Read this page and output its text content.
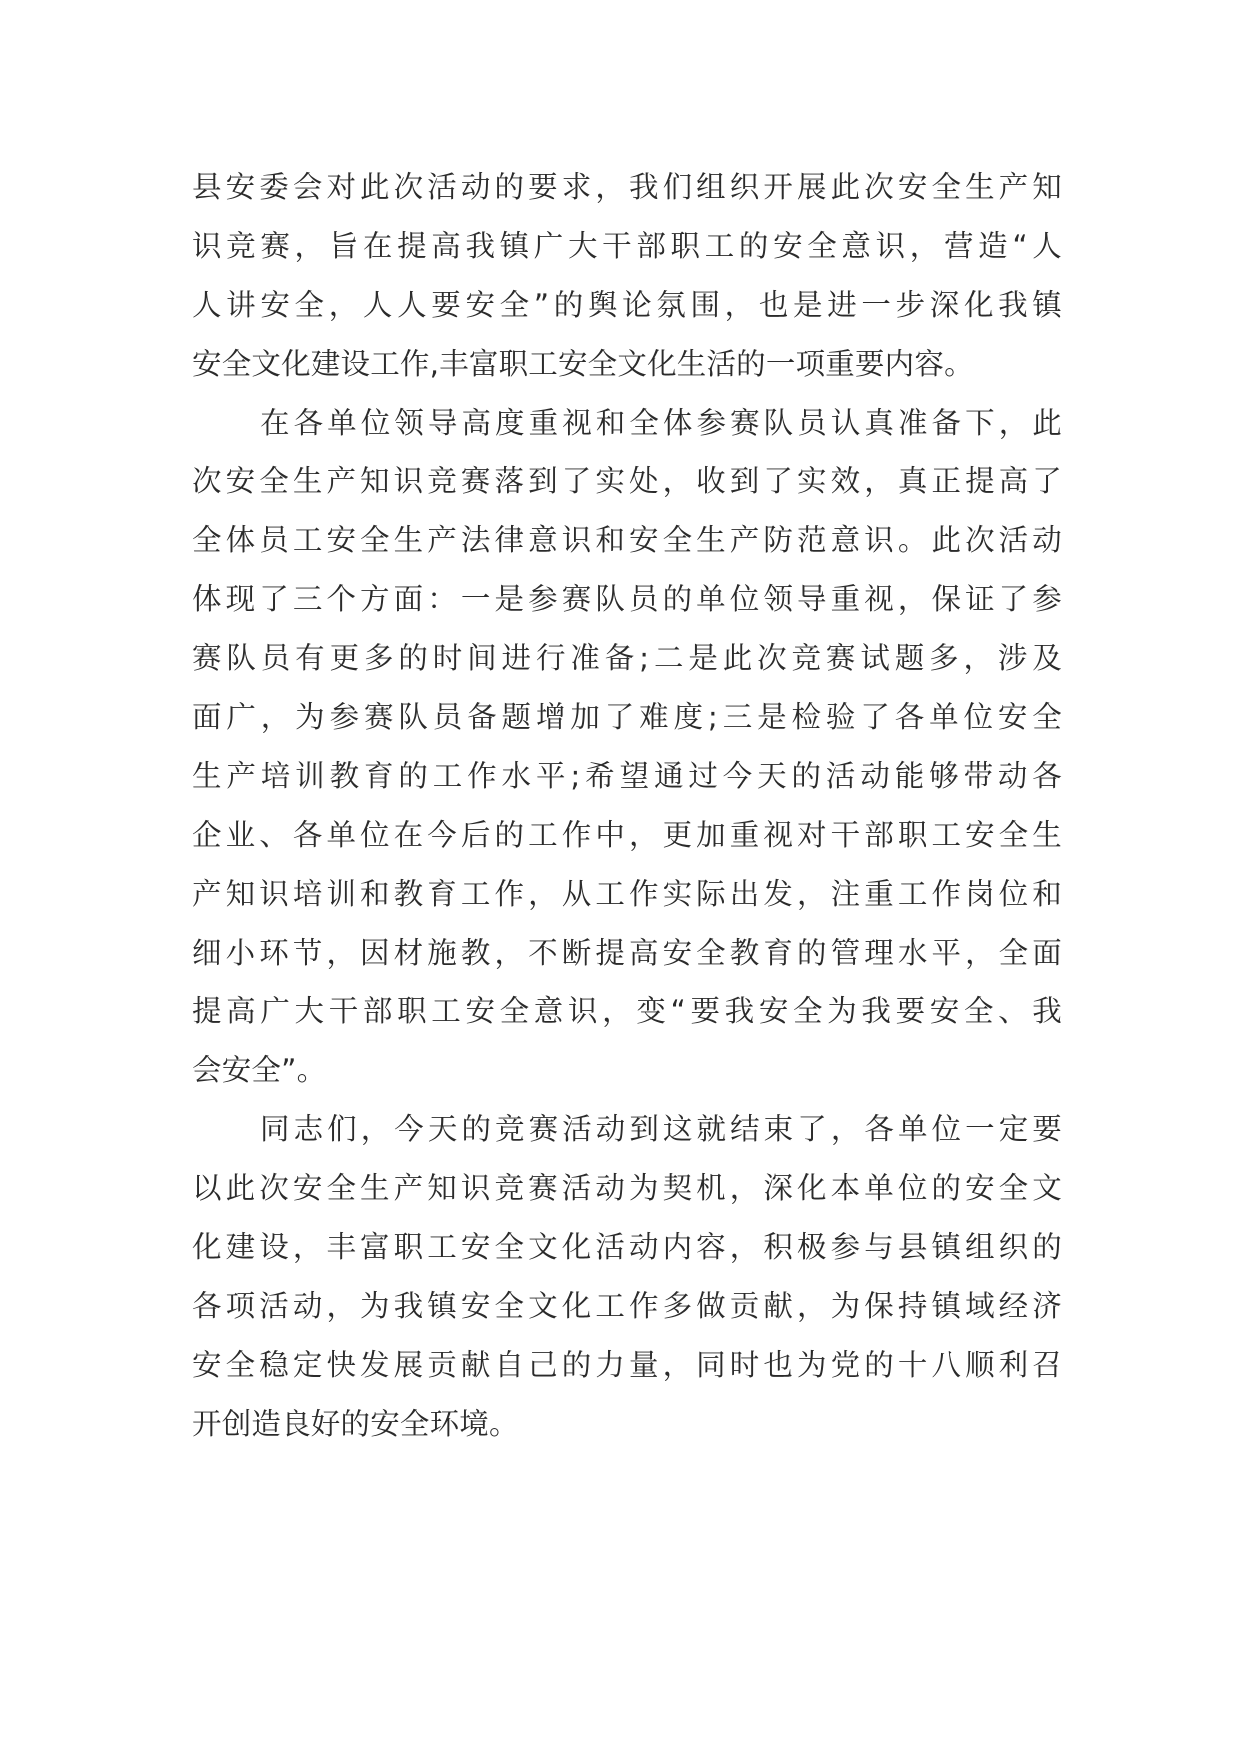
县安委会对此次活动的要求，我们组织开展此次安全生产知
识竞赛，旨在提高我镇广大干部职工的安全意识，营造“人
人讲安全，人人要安全”的舆论氛围，也是进一步深化我镇
安全文化建设工作,丰富职工安全文化生活的一项重要内容。
在各单位领导高度重视和全体参赛队员认真准备下，此
次安全生产知识竞赛落到了实处，收到了实效，真正提高了
全体员工安全生产法律意识和安全生产防范意识。此次活动
体现了三个方面：一是参赛队员的单位领导重视，保证了参
赛队员有更多的时间进行准备;二是此次竞赛试题多，涉及
面广，为参赛队员备题增加了难度;三是检验了各单位安全
生产培训教育的工作水平;希望通过今天的活动能够带动各
企业、各单位在今后的工作中，更加重视对干部职工安全生
产知识培训和教育工作，从工作实际出发，注重工作岗位和
细小环节，因材施教，不断提高安全教育的管理水平，全面
提高广大干部职工安全意识，变“要我安全为我要安全、我
会安全”。
同志们，今天的竞赛活动到这就结束了，各单位一定要
以此次安全生产知识竞赛活动为契机，深化本单位的安全文
化建设，丰富职工安全文化活动内容，积极参与县镇组织的
各项活动，为我镇安全文化工作多做贡献，为保持镇域经济
安全稳定快发展贡献自己的力量，同时也为党的十八顺利召
开创造良好的安全环境。
